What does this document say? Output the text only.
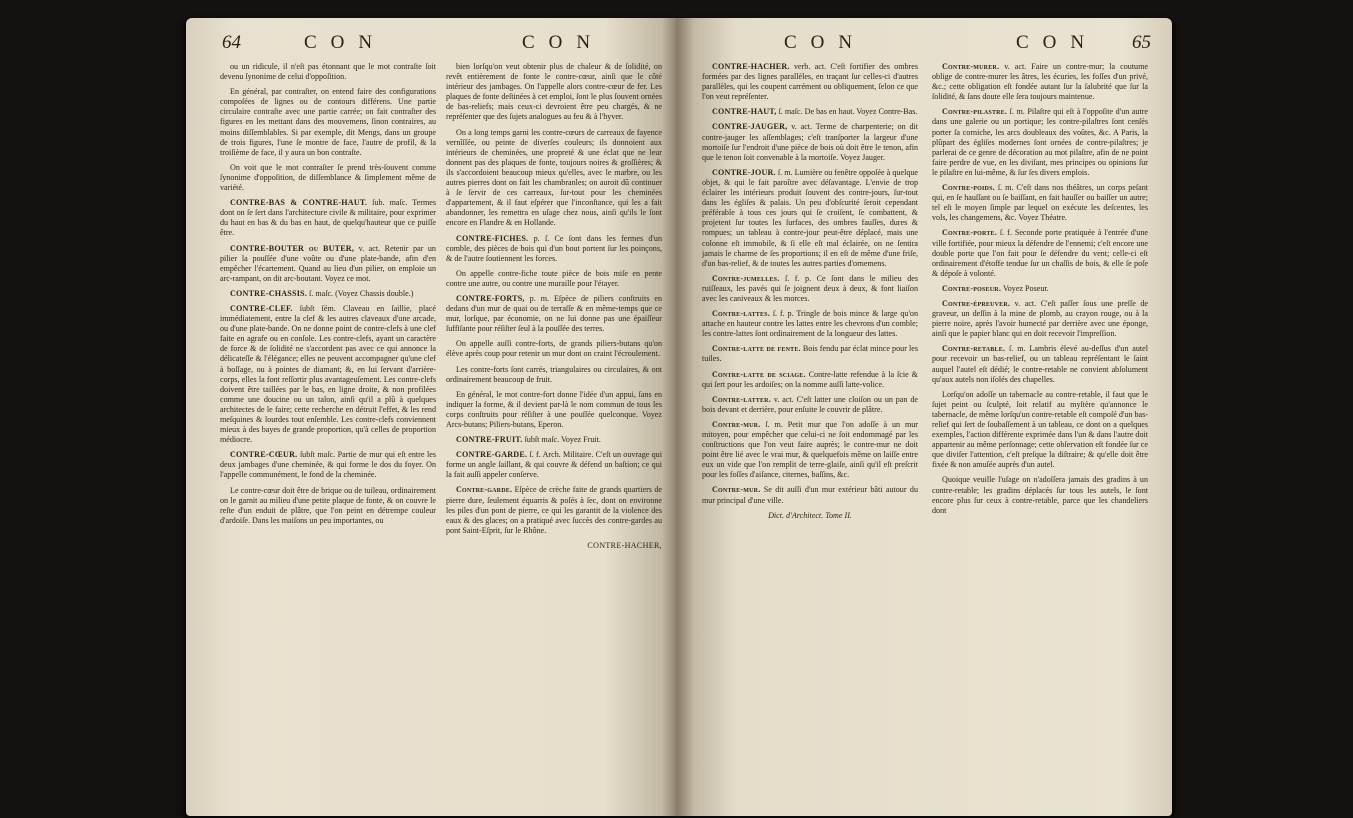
64	CON	CON	CON	CON 65

ou un ridicule, il n'eſt pas étonnant que le mot contraſte ſoit devenu ſynonime de celui d'oppoſition.

En général, par contraſter, on entend faire des configurations compoſées de lignes ou de contours différens. Une partie circulaire contraſte avec une partie carrée; on fait contraſter des figures en les mettant dans des mouvemens, ſinon contraires, au moins diſſemblables. Si par exemple, dit Mengs, dans un groupe de trois figures, l'une ſe montre de face, l'autre de profil, & la troiſième de face, il y aura un bon contraſte.

On voit que le mot contraſter ſe prend très-ſouvent comme ſynonime d'oppoſition, de diſſemblance & ſimplement même de variété.

CONTRE-BAS & CONTRE-HAUT. ſub. maſc. Termes dont on ſe ſert dans l'architecture civile & militaire, pour exprimer du haut en bas & du bas en haut, de quelqu'hauteur que ce puiſſe être.

CONTRE-BOUTER ou BUTER, v. act. Retenir par un pilier la pouſſée d'une voûte ou d'une plate-bande, afin d'en empêcher l'écartement. Quand au lieu d'un pilier, on emploie un arc-rampant, on dit arc-boutant. Voyez ce mot.

CONTRE-CHASSIS. ſ. maſc. (Voyez Chassis double.)

CONTRE-CLEF. ſubſt ſém. Claveau en ſaillie, placé immédiatement, entre la clef & les autres claveaux d'une arcade, ou d'une plate-bande. On ne donne point de contre-clefs à une clef faite en agrafe ou en conſole. Les contre-clefs, ayant un caractère de force & de ſolidité ne s'accordent pas avec ce qui annonce la délicateſſe & l'élégance; elles ne peuvent accompagner qu'une clef à boſſage, ou à pointes de diamant; &, en lui ſervant d'arrière-corps, elles la font reſſortir plus avantageuſement. Les contre-clefs doivent être taillées par le bas, en ligne droite, & non profilées comme une doucine ou un talon, ainſi qu'il a plû à quelques architectes de le faire; cette recherche en détruit l'effet, & les rend meſquines & lourdes tout enſemble. Les contre-clefs conviennent mieux à des bayes de grande proportion, qu'à celles de proportion médiocre.

CONTRE-CŒUR. ſubſt maſc. Partie de mur qui eſt entre les deux jambages d'une cheminée, & qui forme le dos du foyer. On l'appelle communément, le fond de la cheminée.

Le contre-cœur doit être de brique ou de tuileau, ordinairement on le garnit au milieu d'une petite plaque de fonte, & on couvre le reſte d'un enduit de plâtre, que l'on peint en détrempe couleur d'ardoiſe. Dans les maiſons un peu importantes, ou

bien lorſqu'on veut obtenir plus de chaleur & de ſolidité, on revêt entièrement de fonte le contre-cœur, ainſi que le côté intérieur des jambages. On l'appelle alors contre-cœur de fer. Les plaques de fonte deſtinées à cet emploi, ſont le plus ſouvent ornées de bas-reliefs; mais ceux-ci devroient être peu chargés, & ne repréſenter que des ſujets analogues au feu & à l'hyver.

On a long temps garni les contre-cœurs de carreaux de fayence vernîſſée, ou peinte de diverſes couleurs; ils donnoient aux intérieurs de cheminées, une propreté & une éclat que ne leur donnent pas des plaques de fonte, toujours noires & groſſières; & ils s'accordoient beaucoup mieux qu'elles, avec le marbre, ou les autres pierres dont on fait les chambranles; on auroit dû continuer à ſe ſervir de ces carreaux, ſur-tout pour les cheminées d'appartement, & il faut eſpérer que l'inconſtance, qui les a fait abandonner, les remettra en uſage chez nous, ainſi qu'ils le ſont encore en Flandre & en Hollande.

CONTRE-FICHES. p. ſ. Ce ſont dans les fermes d'un comble, des pièces de bois qui d'un bout portent ſur les poinçons, & de l'autre ſoutiennent les forces.

On appelle contre-fiche toute pièce de bois miſe en pente contre une autre, ou contre une muraille pour l'étayer.

CONTRE-FORTS, p. m. Eſpèce de piliers conſtruits en dedans d'un mur de quai ou de terraſſe & en même-temps que ce mur, lorſque, par économie, on ne lui donne pas une épaiſſeur ſuffiſante pour réſiſter ſeul à la pouſſée des terres.

On appelle auſſi contre-forts, de grands piliers-butans qu'on élève après coup pour retenir un mur dont on craint l'écroulement.

Les contre-forts ſont carrés, triangulaires ou circulaires, & ont ordinairement beaucoup de fruit.

En général, le mot contre-fort donne l'idée d'un appui, ſans en indiquer la forme, & il devient par-là le nom commun de tous les corps conſtruits pour réſiſter à une pouſſée quelconque. Voyez Arcs-butans; Piliers-butans, Eperon.

CONTRE-FRUIT. ſubſt maſc. Voyez Fruit.

CONTRE-GARDE. ſ. f. Arch. Militaire. C'eſt un ouvrage qui forme un angle ſaillant, & qui couvre & défend un baſtion; ce qui la fait auſſi appeler conſerve.

Contre-garde. Eſpèce de crèche faite de grands quartiers de pierre dure, ſeulement équarris & poſés à ſec, dont on environne les piles d'un pont de pierre, ce qui les garantit de la violence des eaux & des glaces; on a pratiqué avec ſuccès des contre-gardes au pont Saint-Eſprit, ſur le Rhône.

CONTRE-HACHER,

CONTRE-HACHER. verb. act. C'eſt fortifier des ombres formées par des lignes parallèles, en traçant ſur celles-ci d'autres parallèles, qui les coupent carrément ou obliquement, ſelon ce que l'on veut repréſenter.

CONTRE-HAUT, ſ. maſc. De bas en haut. Voyez Contre-Bas.

CONTRE-JAUGER, v. act. Terme de charpenterie; on dit contre-jauger les aſſemblages; c'eſt tranſporter la largeur d'une mortoiſe ſur l'endroit d'une pièce de bois où doit être le tenon, afin que le tenon ſoit convenable à la mortoiſe. Voyez Jauger.

CONTRE-JOUR. ſ. m. Lumière ou fenêtre oppoſée à quelque objet, & qui le fait paroître avec déſavantage. L'envie de trop éclairer les intérieurs produit ſouvent des contre-jours, ſur-tout dans les égliſes & palais. Un peu d'obſcurité ſeroit cependant préférable à tous ces jours qui ſe croiſent, ſe combattent, & projetent ſur toutes les ſurfaces, des ombres fauſſes, dures & rompues; un tableau à contre-jour peut-être déplacé, mais une colonne eſt immobile, & ſi elle eſt mal éclairée, on ne ſentira jamais le charme de ſes proportions; il en eſt de même d'une friſe, d'un bas-relief, & de toutes les autres parties d'ornemens.

Contre-jumelles. ſ. f. p. Ce ſont dans le milieu des ruiſſeaux, les pavés qui ſe joignent deux à deux, & font liaiſon avec les caniveaux & les morces.

Contre-lattes. ſ. f. p. Tringle de bois mince & large qu'on attache en hauteur contre les lattes entre les chevrons d'un comble; les contre-lattes ſont ordinairement de la longueur des lattes.

Contre-latte de fente. Bois fendu par éclat mince pour les tuiles.

Contre-latte de sciage. Contre-latte refendue à la ſcie & qui ſert pour les ardoiſes; on la nomme auſſi latte-volice.

Contre-latter. v. act. C'eſt latter une cloiſon ou un pan de bois devant et derrière, pour enſuite le couvrir de plâtre.

Contre-mur. ſ. m. Petit mur que l'on adoſſe à un mur mitoyen, pour empêcher que celui-ci ne ſoit endommagé par les conſtructions que l'on veut faire auprès; le contre-mur ne doit point être lié avec le vrai mur, & quelquefois même on laiſſe entre eux un vide que l'on remplit de terre-glaiſe, ainſi qu'il eſt preſcrit pour les foſſes d'aiſance, citernes, baſſins, &c.

Contre-mur. Se dit auſſi d'un mur extérieur bâti autour du mur principal d'une ville.

Dict. d'Architect. Tome II.

Contre-murer. v. act. Faire un contre-mur; la coutume oblige de contre-murer les âtres, les écuries, les foſſes d'un privé, &c.; cette obligation eſt fondée autant ſur la ſalubrité que ſur la ſolidité, & ſans doute elle ſera toujours maintenue.

Contre-pilastre. ſ. m. Pilaſtre qui eſt à l'oppoſite d'un autre dans une galerie ou un portique; les contre-pilaſtres ſont cenſés porter ſa corniche, les arcs doubleaux des voûtes, &c. A Paris, la plûpart des égliſes modernes ſont ornées de contre-pilaſtres; je parlerai de ce genre de décoration au mot pilaſtre, afin de ne point faire perdre de vue, en les diviſant, mes principes ou opinions ſur le pilaſtre en lui-même, & ſur ſes divers emplois.

Contre-poids. ſ. m. C'eſt dans nos théâtres, un corps peſant qui, en ſe hauſſant ou ſe baiſſant, en fait hauſſer ou baiſſer un autre; tel eſt le moyen ſimple par lequel on exécute les deſcentes, les vols, les changemens, &c. Voyez Théatre.

Contre-porte. ſ. f. Seconde porte pratiquée à l'entrée d'une ville fortifiée, pour mieux la défendre de l'ennemi; c'eſt encore une double porte que l'on fait pour ſe défendre du vent; celle-ci eſt ordinairement d'étoffe tendue ſur un chaſſis de bois, & elle ſe poſe & dépoſe à volonté.

Contre-poseur. Voyez Poseur.

Contre-épreuver. v. act. C'eſt paſſer ſous une preſſe de graveur, un deſſin à la mine de plomb, au crayon rouge, ou à la pierre noire, après l'avoir humecté par derrière avec une éponge, ainſi que le papier blanc qui en doit recevoir l'impreſſion.

Contre-retable. ſ. m. Lambris élevé au-deſſus d'un autel pour recevoir un bas-relief, ou un tableau repréſentant le ſaint auquel l'autel eſt dédié; le contre-retable ne convient abſolument qu'aux autels non iſolés des chapelles.

Lorſqu'on adoſſe un tabernacle au contre-retable, il faut que le ſujet peint ou ſculpté, ſoit relatif au myſtère qu'annonce le tabernacle, de même lorſqu'un contre-retable eſt compoſé d'un bas-relief qui ſert de ſoubaſſement à un tableau, ce dont on a quelques exemples, l'action différente exprimée dans l'un & dans l'autre doit appartenir au même perſonnage; cette obſervation eſt fondée ſur ce que diviſer l'attention, c'eſt preſque la diſtraire; & qu'elle doit être fixée & non amuſée auprès d'un autel.

Quoique veuille l'uſage on n'adoſſera jamais des gradins à un contre-retable; les gradins déplacés ſur tous les autels, le ſont encore plus ſur ceux à contre-retable, parce que les chandeliers dont
